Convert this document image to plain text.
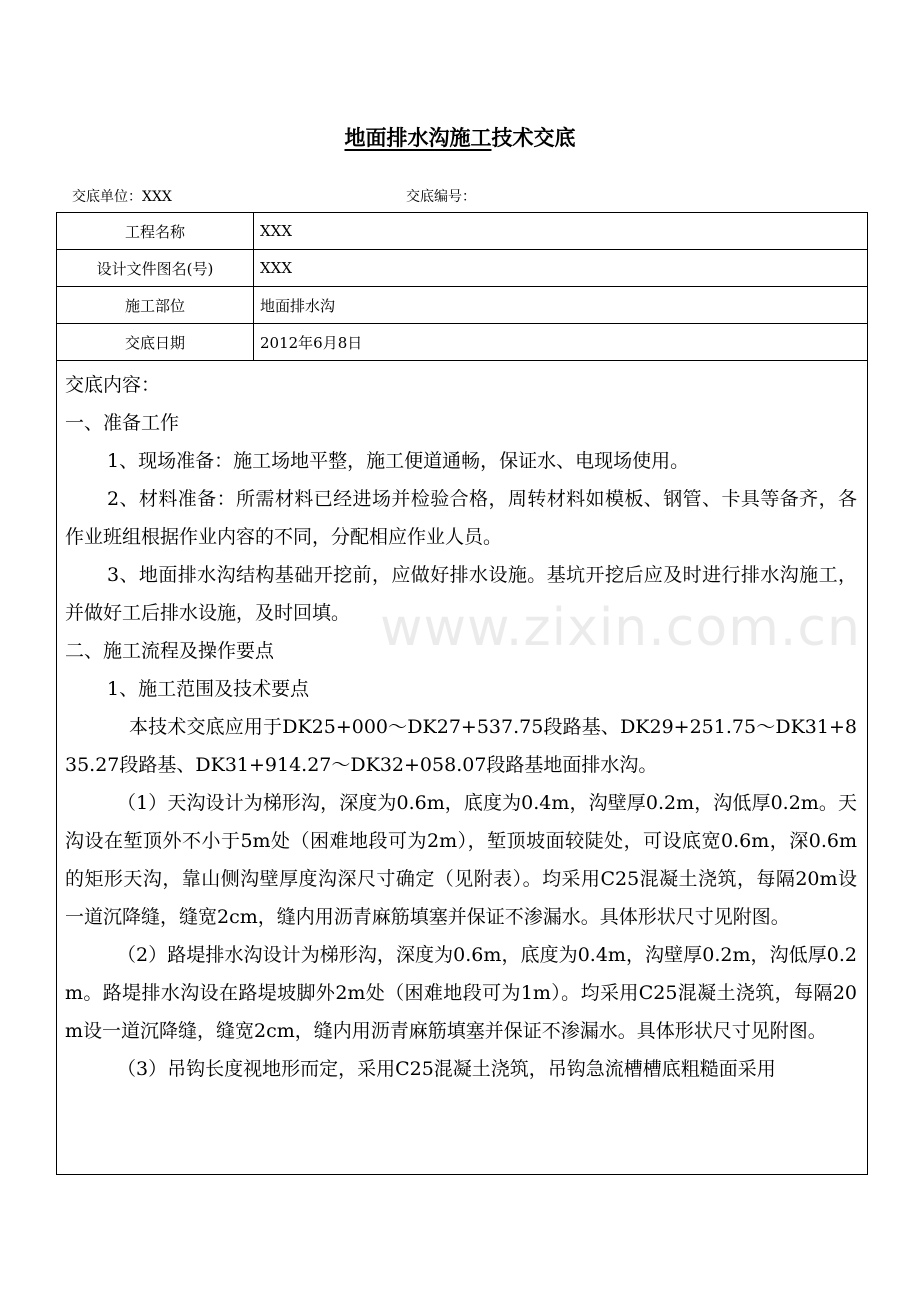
地面排水沟施工技术交底
交底单位：XXX	交底编号：
工程名称	XXX
设计文件图名(号)	XXX
施工部位	地面排水沟
交底日期	2012年6月8日

交底内容：

一、准备工作

1、现场准备：施工场地平整，施工便道通畅，保证水、电现场使用。

2、材料准备：所需材料已经进场并检验合格，周转材料如模板、钢管、卡具等备齐，各作业班组根据作业内容的不同，分配相应作业人员。

3、地面排水沟结构基础开挖前，应做好排水设施。基坑开挖后应及时进行排水沟施工，并做好工后排水设施，及时回填。

二、施工流程及操作要点

1、施工范围及技术要点

本技术交底应用于DK25+000～DK27+537.75段路基、DK29+251.75～DK31+835.27段路基、DK31+914.27～DK32+058.07段路基地面排水沟。

（1）天沟设计为梯形沟，深度为0.6m，底度为0.4m，沟壁厚0.2m，沟低厚0.2m。天沟设在堑顶外不小于5m处（困难地段可为2m），堑顶坡面较陡处，可设底宽0.6m，深0.6m的矩形天沟，靠山侧沟壁厚度沟深尺寸确定（见附表）。均采用C25混凝土浇筑，每隔20m设一道沉降缝，缝宽2cm，缝内用沥青麻筋填塞并保证不渗漏水。具体形状尺寸见附图。

（2）路堤排水沟设计为梯形沟，深度为0.6m，底度为0.4m，沟壁厚0.2m，沟低厚0.2m。路堤排水沟设在路堤坡脚外2m处（困难地段可为1m）。均采用C25混凝土浇筑，每隔20m设一道沉降缝，缝宽2cm，缝内用沥青麻筋填塞并保证不渗漏水。具体形状尺寸见附图。

（3）吊钩长度视地形而定，采用C25混凝土浇筑，吊钩急流槽槽底粗糙面采用

www.zixin.com.cn
